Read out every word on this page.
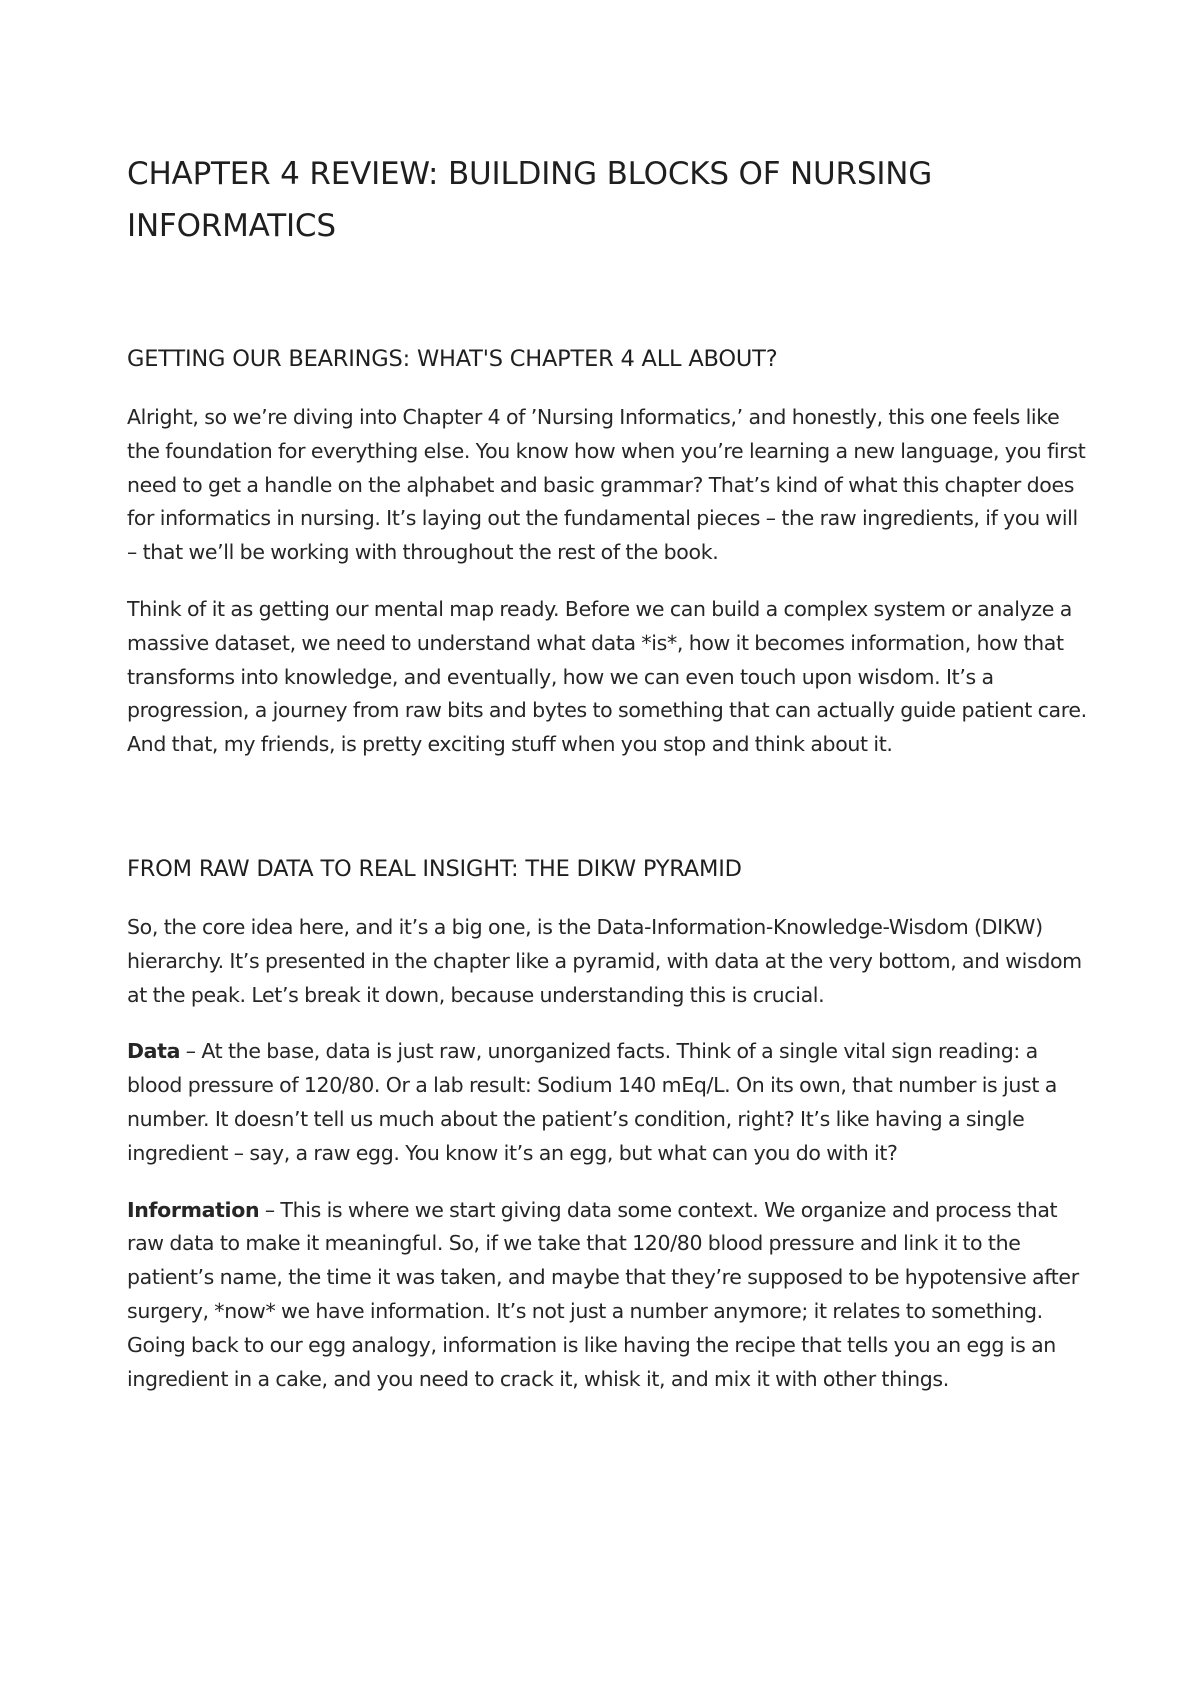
CHAPTER 4 REVIEW: BUILDING BLOCKS OF NURSING INFORMATICS
GETTING OUR BEARINGS: WHAT'S CHAPTER 4 ALL ABOUT?

Alright, so we’re diving into Chapter 4 of ’Nursing Informatics,’ and honestly, this one feels like the foundation for everything else. You know how when you’re learning a new language, you first need to get a handle on the alphabet and basic grammar? That’s kind of what this chapter does for informatics in nursing. It’s laying out the fundamental pieces – the raw ingredients, if you will – that we’ll be working with throughout the rest of the book.

Think of it as getting our mental map ready. Before we can build a complex system or analyze a massive dataset, we need to understand what data *is*, how it becomes information, how that transforms into knowledge, and eventually, how we can even touch upon wisdom. It’s a progression, a journey from raw bits and bytes to something that can actually guide patient care. And that, my friends, is pretty exciting stuff when you stop and think about it.

FROM RAW DATA TO REAL INSIGHT: THE DIKW PYRAMID

So, the core idea here, and it’s a big one, is the Data-Information-Knowledge-Wisdom (DIKW) hierarchy. It’s presented in the chapter like a pyramid, with data at the very bottom, and wisdom at the peak. Let’s break it down, because understanding this is crucial.

Data – At the base, data is just raw, unorganized facts. Think of a single vital sign reading: a blood pressure of 120/80. Or a lab result: Sodium 140 mEq/L. On its own, that number is just a number. It doesn’t tell us much about the patient’s condition, right? It’s like having a single ingredient – say, a raw egg. You know it’s an egg, but what can you do with it?

Information – This is where we start giving data some context. We organize and process that raw data to make it meaningful. So, if we take that 120/80 blood pressure and link it to the patient’s name, the time it was taken, and maybe that they’re supposed to be hypotensive after surgery, *now* we have information. It’s not just a number anymore; it relates to something. Going back to our egg analogy, information is like having the recipe that tells you an egg is an ingredient in a cake, and you need to crack it, whisk it, and mix it with other things.
